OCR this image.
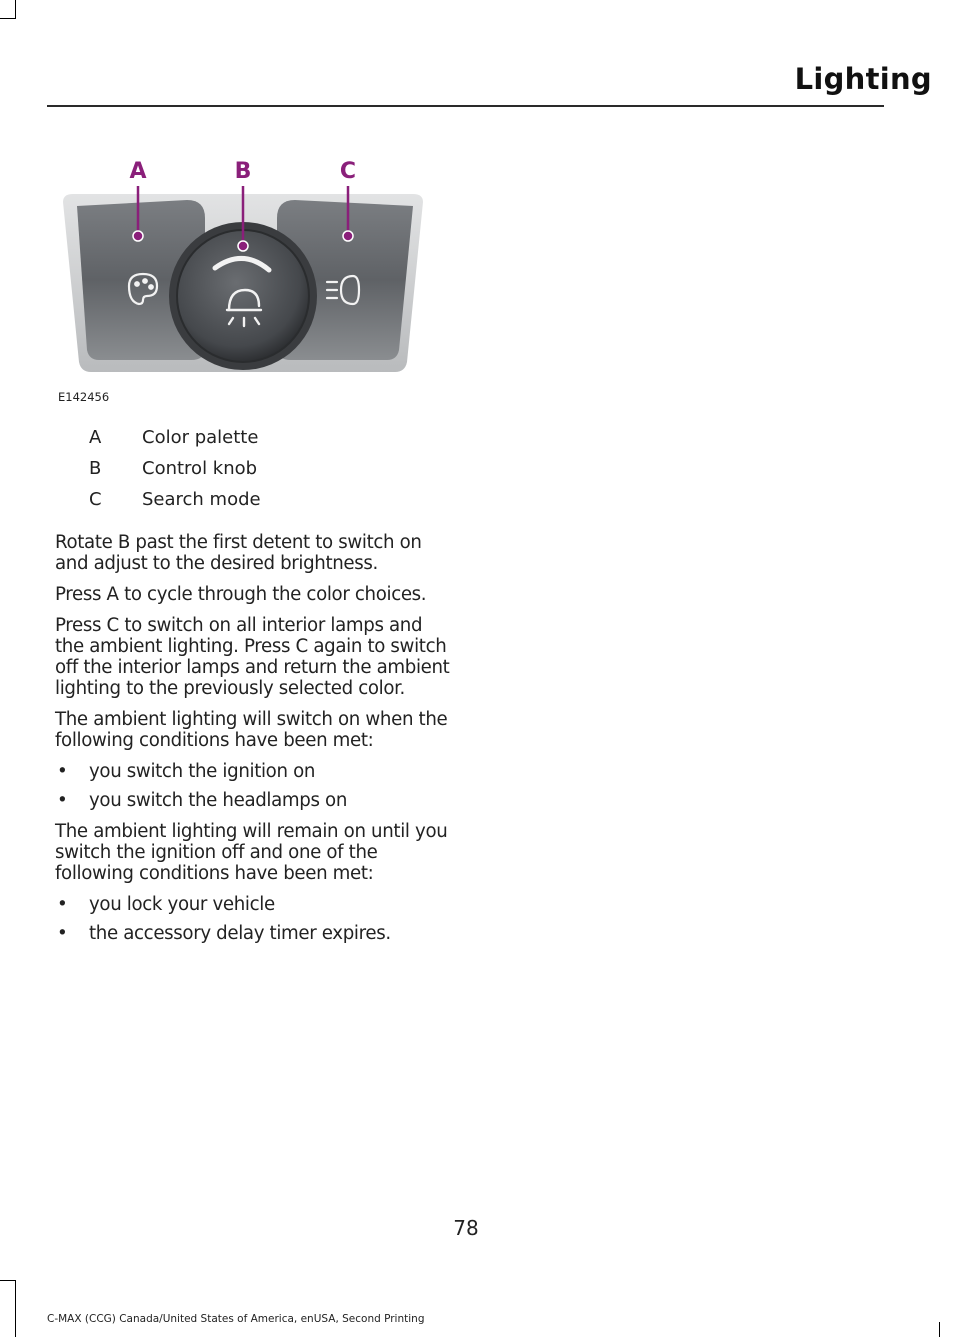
Lighting
A	B	C
E142456
A Color palette
B Control knob
C Search mode

Rotate B past the first detent to switch on and adjust to the desired brightness.

Press A to cycle through the color choices.

Press C to switch on all interior lamps and the ambient lighting. Press C again to switch off the interior lamps and return the ambient lighting to the previously selected color.

The ambient lighting will switch on when the following conditions have been met:

• you switch the ignition on
• you switch the headlamps on

The ambient lighting will remain on until you switch the ignition off and one of the following conditions have been met:

• you lock your vehicle
• the accessory delay timer expires.
78
C-MAX (CCG) Canada/United States of America, enUSA, Second Printing
